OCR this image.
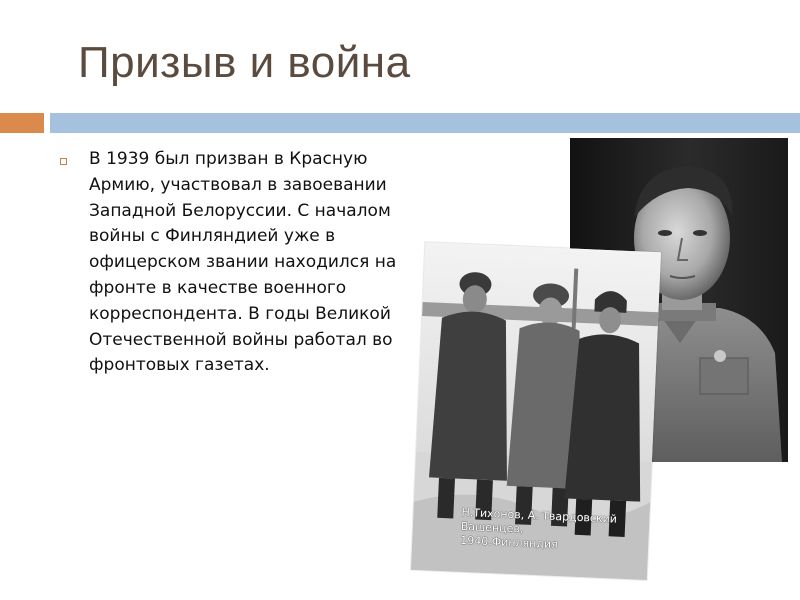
Призыв и война

В 1939 был призван в Красную Армию, участвовал в завоевании Западной Белоруссии. С началом войны с Финляндией уже в офицерском звании находился на фронте в качестве военного корреспондента. В годы Великой Отечественной войны работал во фронтовых газетах.

Н.Тихонов, А. Твардовский
Вашенцев,
1940.Финляндия
